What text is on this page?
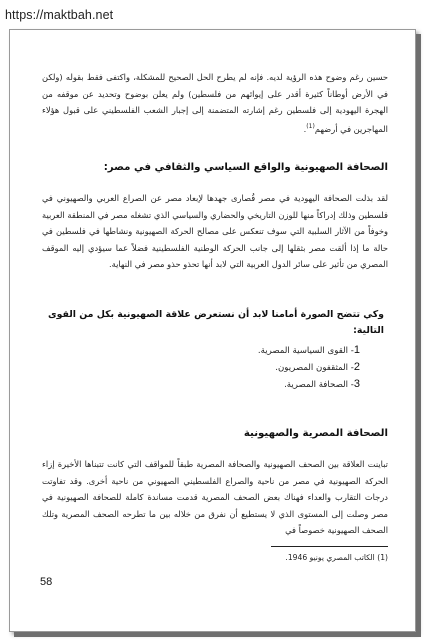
https://maktbah.net
حسين رغم وضوح هذه الرؤية لديه. فإنه لم يطرح الحل الصحيح للمشكلة، واكتفى فقط بقوله (ولكن في الأرض أوطاناً كثيرة أقدر على إيوائهم من فلسطين) ولم يعلن بوضوح وتحديد عن موقفه من الهجرة اليهودية إلى فلسطين رغم إشارته المتضمنة إلى إجبار الشعب الفلسطيني على قبول هؤلاء المهاجرين في أرضهم$^{(1)}$.
الصحافة الصهيونية والواقع السياسي والثقافي في مصر:
لقد بذلت الصحافة اليهودية في مصر قُصارى جهدها لإبعاد مصر عن الصراع العربي والصهيوني في فلسطين وذلك إدراكاً منها للوزن التاريخي والحضاري والسياسي الذي تشغله مصر في المنطقة العربية وخوفاً من الآثار السلبية التي سوف تنعكس على مصالح الحركة الصهيونية ونشاطها في فلسطين في حالة ما إذا ألقت مصر بثقلها إلى جانب الحركة الوطنية الفلسطينية فضلاً عما سيؤدي إليه الموقف المصري من تأثير على سائر الدول العربية التي لابد أنها تحذو حذو مصر في النهاية.
وكي تتضح الصورة أمامنا لابد أن نستعرض علاقة الصهيونية بكل من القوى التالية:
1- القوى السياسية المصرية.
2- المثقفون المصريون.
3- الصحافة المصرية.
الصحافة المصرية والصهيونية
تباينت العلاقة بين الصحف الصهيونية والصحافة المصرية طبقاً للمواقف التي كانت تتبناها الأخيرة إزاء الحركة الصهيونية في مصر من ناحية والصراع الفلسطيني الصهيوني من ناحية أخرى. وقد تفاوتت درجات التقارب والعداء فهناك بعض الصحف المصرية قدمت مساندة كاملة للصحافة الصهيونية في مصر وصلت إلى المستوى الذي لا يستطيع أن نفرق من خلاله بين ما تطرحه الصحف المصرية وتلك الصحف الصهيونية خصوصاً في
(1) الكاتب المصري يونيو 1946.
58
